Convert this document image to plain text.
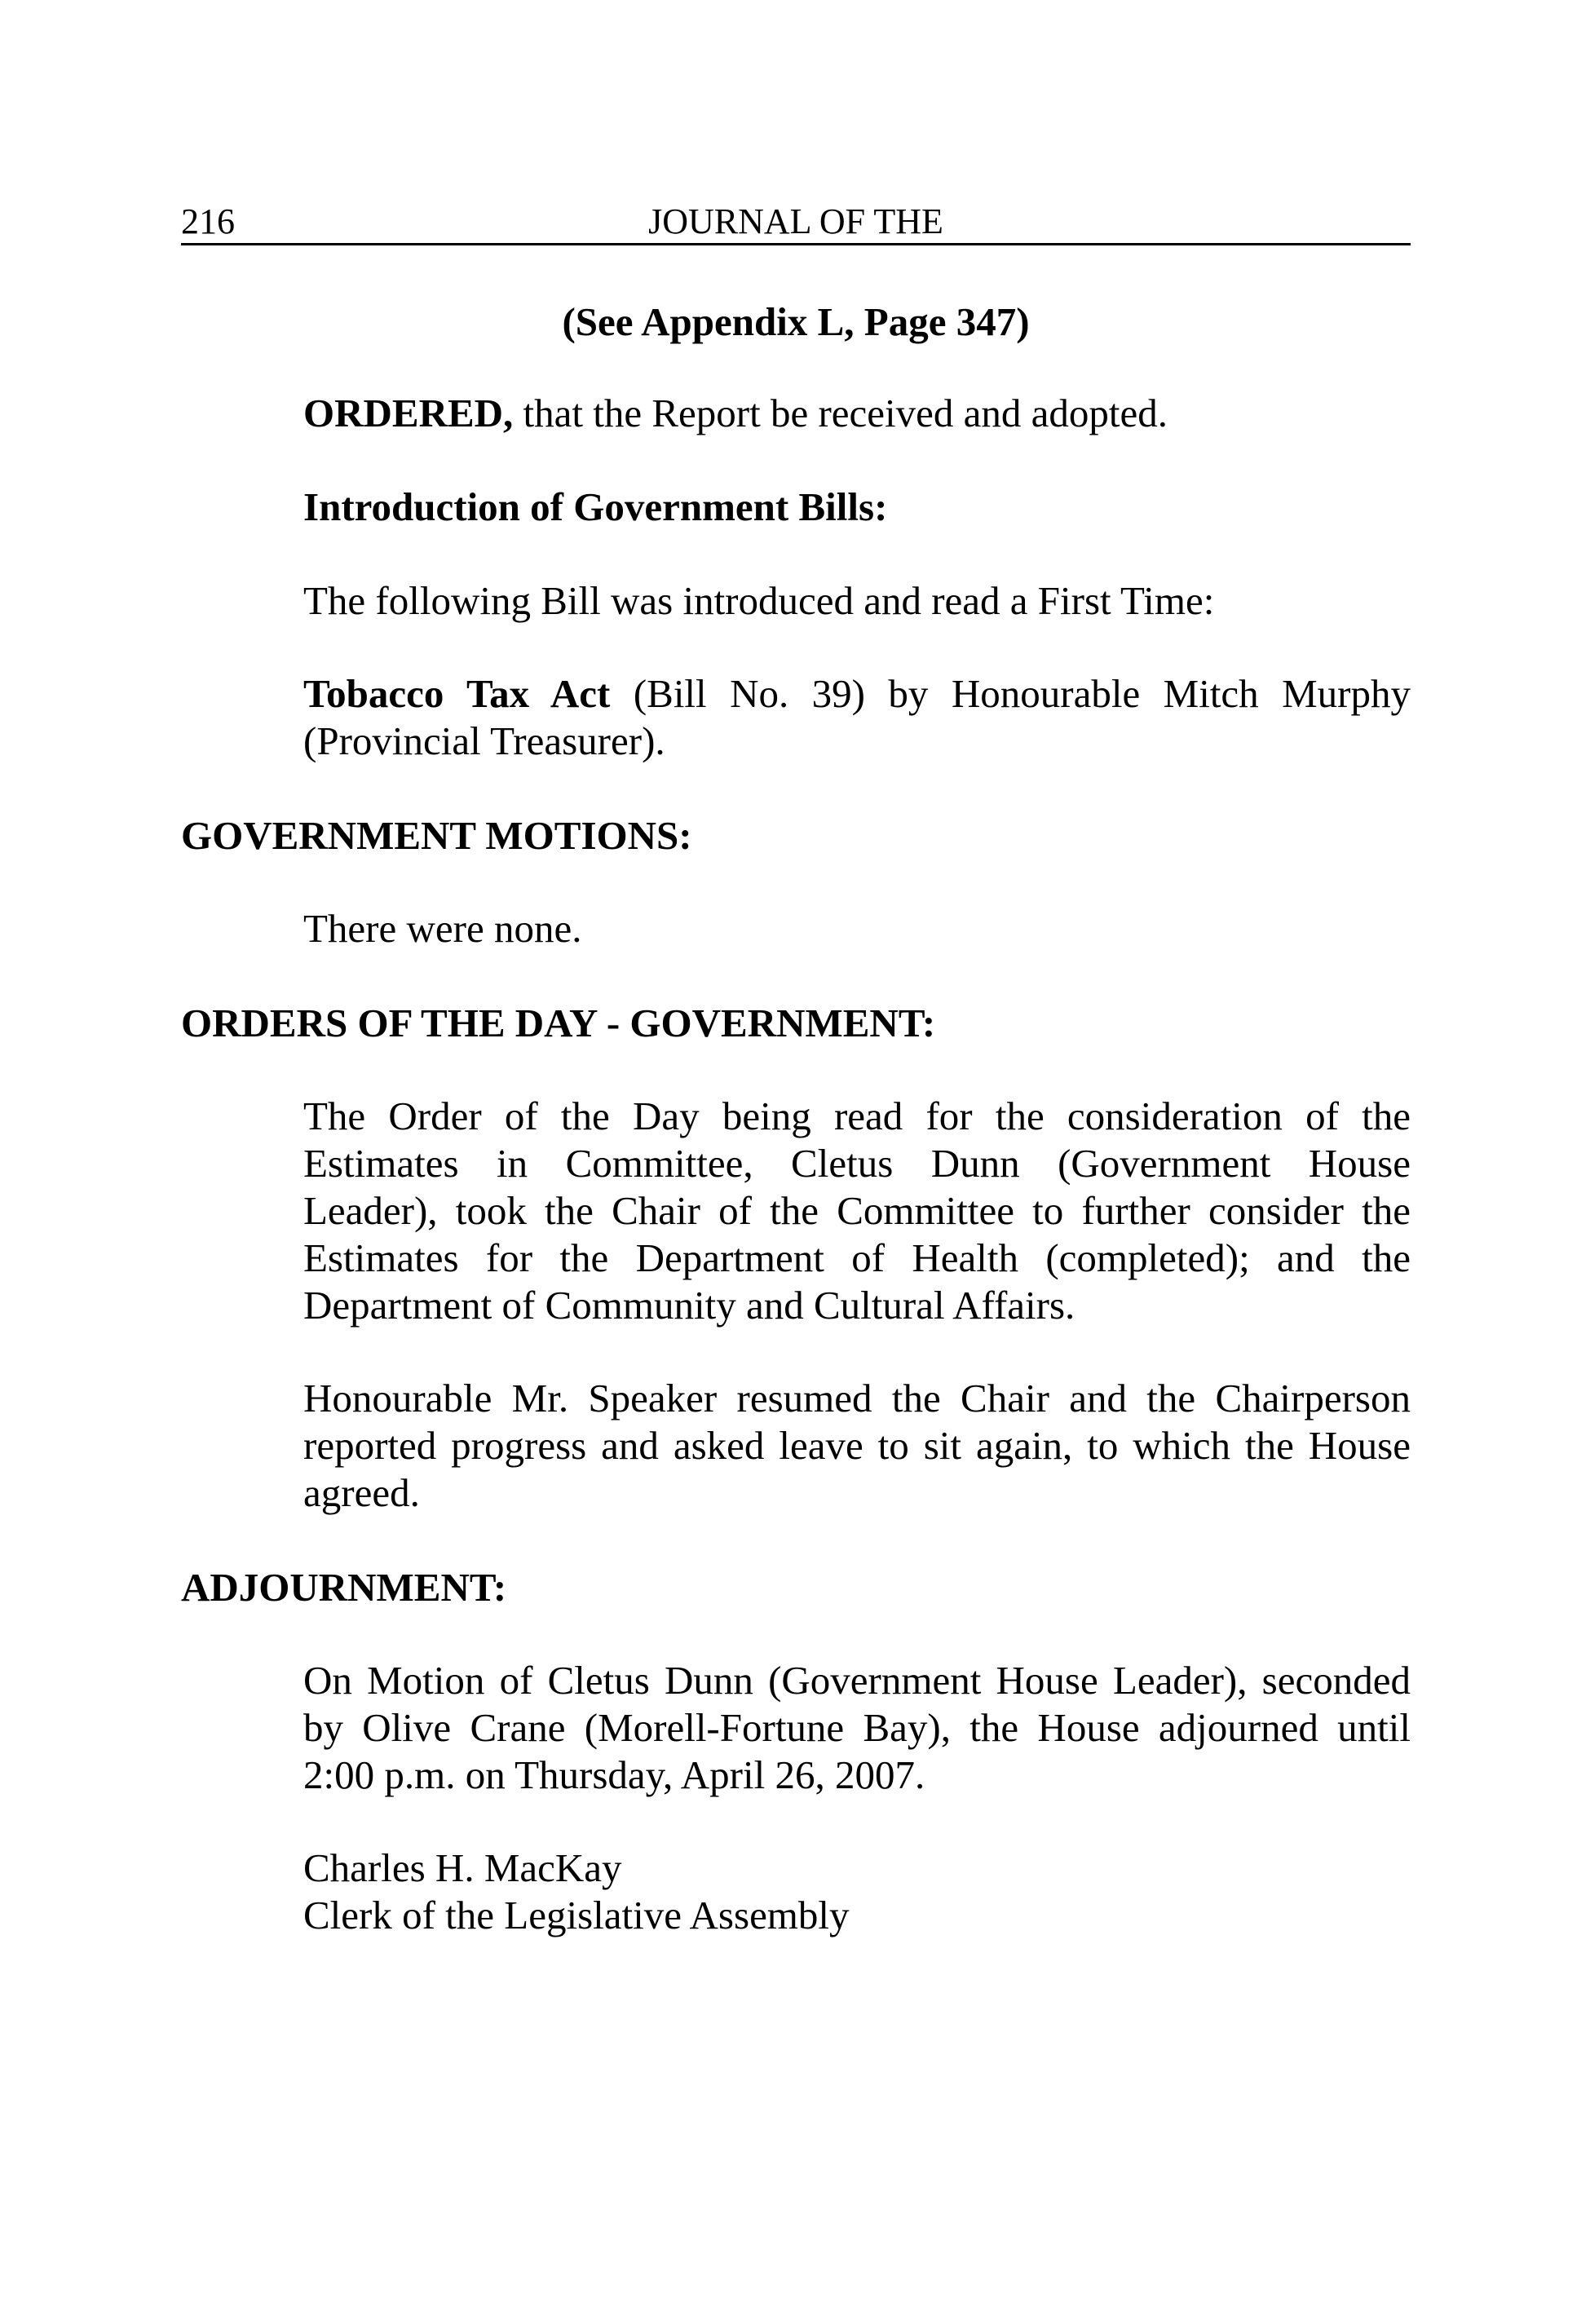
216	JOURNAL OF THE
(See Appendix L, Page 347)
ORDERED, that the Report be received and adopted.
Introduction of Government Bills:
The following Bill was introduced and read a First Time:
Tobacco Tax Act (Bill No. 39) by Honourable Mitch Murphy
(Provincial Treasurer).
GOVERNMENT MOTIONS:
There were none.
ORDERS OF THE DAY - GOVERNMENT:
The Order of the Day being read for the consideration of the
Estimates in Committee, Cletus Dunn (Government House
Leader), took the Chair of the Committee to further consider the
Estimates for the Department of Health (completed); and the
Department of Community and Cultural Affairs.
Honourable Mr. Speaker resumed the Chair and the Chairperson
reported progress and asked leave to sit again, to which the House
agreed.
ADJOURNMENT:
On Motion of Cletus Dunn (Government House Leader), seconded
by Olive Crane (Morell-Fortune Bay), the House adjourned until
2:00 p.m. on Thursday, April 26, 2007.
Charles H. MacKay
Clerk of the Legislative Assembly
